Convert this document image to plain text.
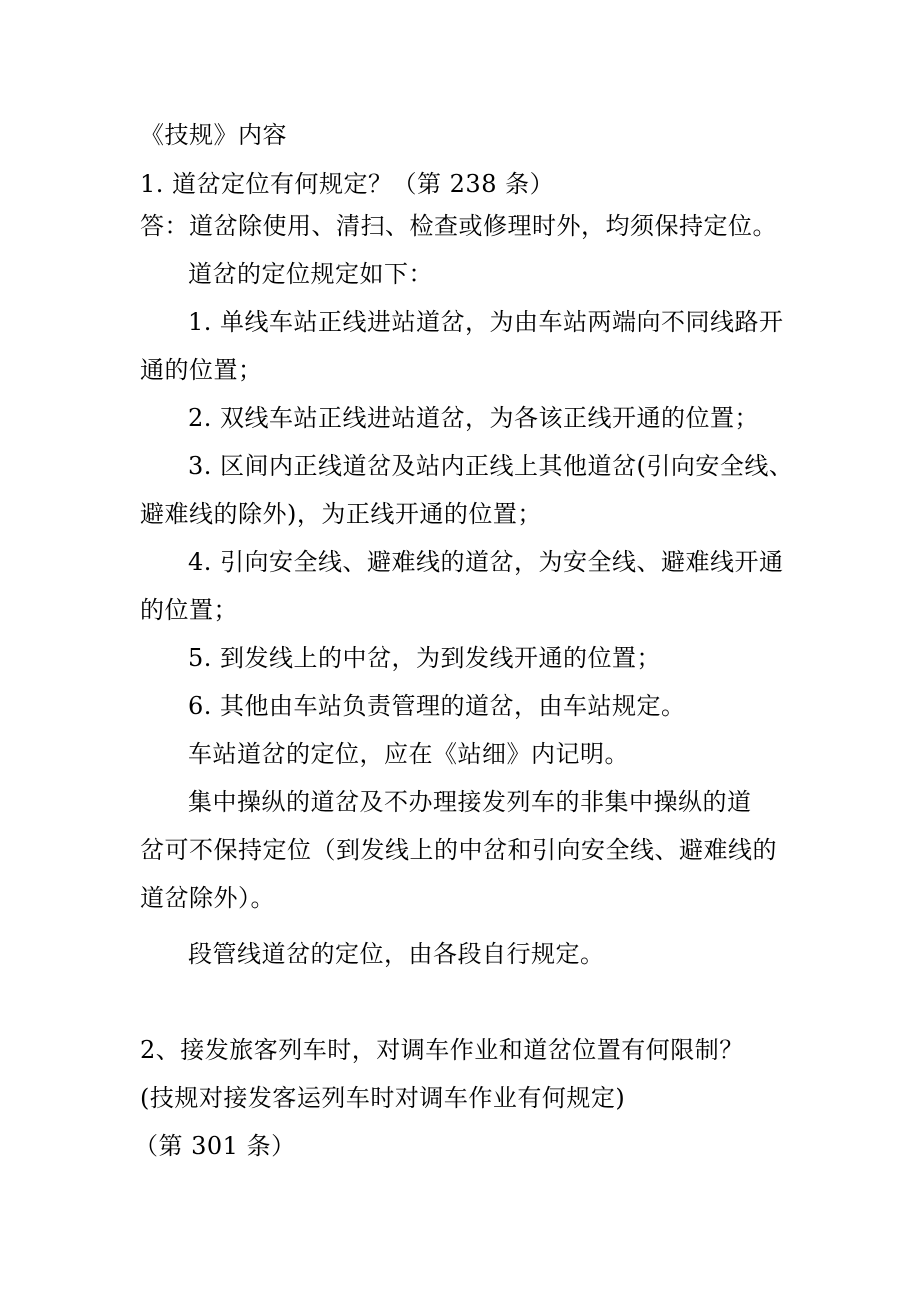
《技规》内容
1. 道岔定位有何规定？（第 238 条）
答：道岔除使用、清扫、检查或修理时外，均须保持定位。
道岔的定位规定如下：
1. 单线车站正线进站道岔，为由车站两端向不同线路开
通的位置；
2. 双线车站正线进站道岔，为各该正线开通的位置；
3. 区间内正线道岔及站内正线上其他道岔(引向安全线、
避难线的除外)，为正线开通的位置；
4. 引向安全线、避难线的道岔，为安全线、避难线开通
的位置；
5. 到发线上的中岔，为到发线开通的位置；
6. 其他由车站负责管理的道岔，由车站规定。
车站道岔的定位，应在《站细》内记明。
集中操纵的道岔及不办理接发列车的非集中操纵的道
岔可不保持定位（到发线上的中岔和引向安全线、避难线的
道岔除外）。
段管线道岔的定位，由各段自行规定。
2、接发旅客列车时，对调车作业和道岔位置有何限制？
(技规对接发客运列车时对调车作业有何规定)
（第 301 条）
